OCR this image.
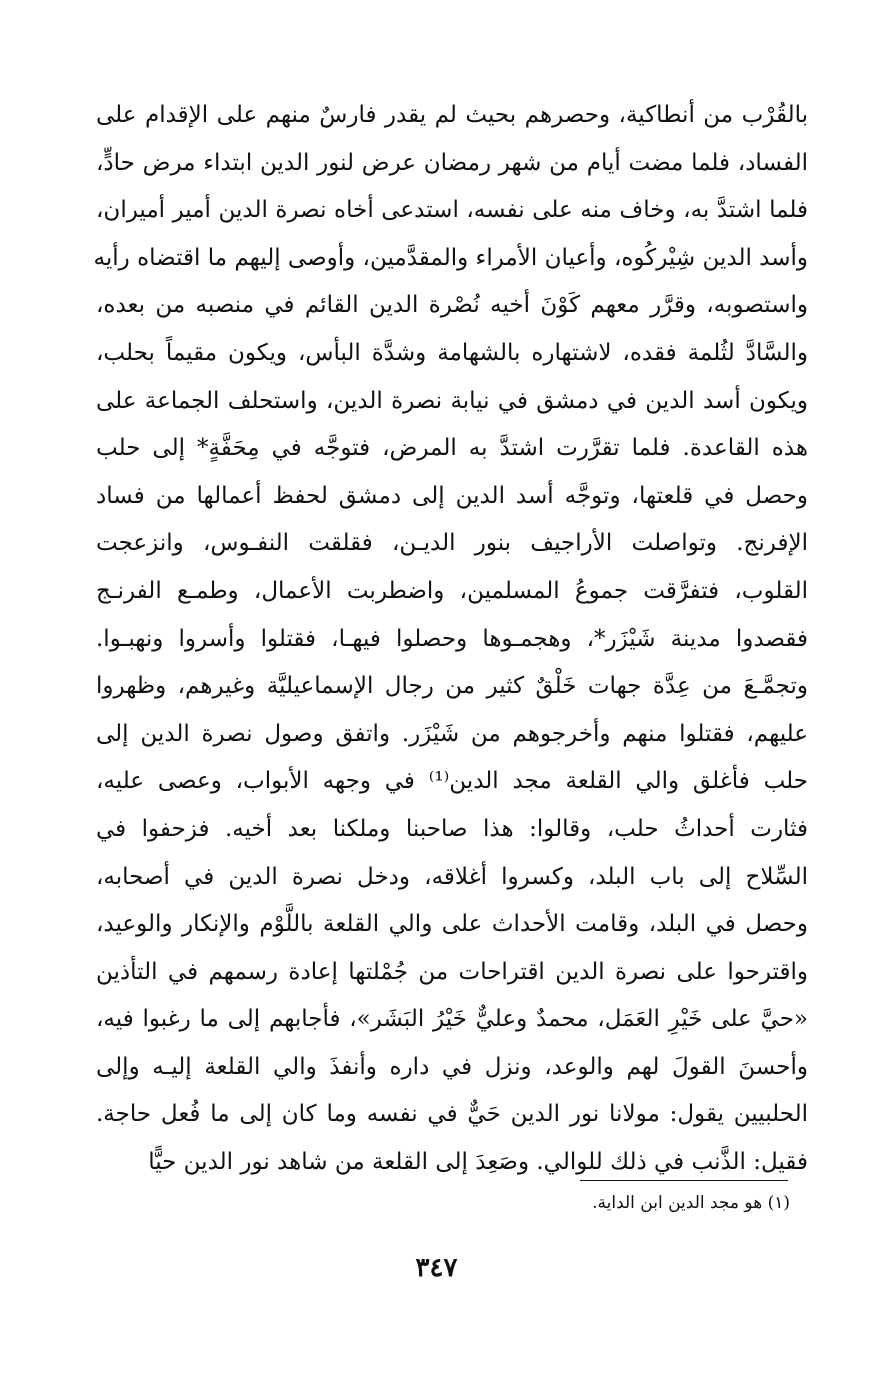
بالقُرْب من أنطاكية، وحصرهم بحيث لم يقدر فارسٌ منهم على الإقدام على
الفساد، فلما مضت أيام من شهر رمضان عرض لنور الدين ابتداء مرض حادٍّ،
فلما اشتدَّ به، وخاف منه على نفسه، استدعى أخاه نصرة الدين أمير أميران،
وأسد الدين شِيْركُوه، وأعيان الأمراء والمقدَّمين، وأوصى إليهم ما اقتضاه رأيه
واستصوبه، وقرَّر معهم كَوْنَ أخيه نُصْرة الدين القائم في منصبه من بعده،
والسَّادَّ لثُلمة فقده، لاشتهاره بالشهامة وشدَّة البأس، ويكون مقيماً بحلب،
ويكون أسد الدين في دمشق في نيابة نصرة الدين، واستحلف الجماعة على
هذه القاعدة. فلما تقرَّرت اشتدَّ به المرض، فتوجَّه في مِحَفَّةٍ* إلى حلب
وحصل في قلعتها، وتوجَّه أسد الدين إلى دمشق لحفظ أعمالها من فساد
الإفرنج. وتواصلت الأراجيف بنور الديـن، فقلقت النفـوس، وانزعجت
القلوب، فتفرَّقت جموعُ المسلمين، واضطربت الأعمال، وطمـع الفرنـج
فقصدوا مدينة شَيْزَر*، وهجمـوها وحصلوا فيهـا، فقتلوا وأسروا ونهبـوا.
وتجمَّـعَ من عِدَّة جهات خَلْقٌ كثير من رجال الإسماعيليَّة وغيرهم، وظهروا
عليهم، فقتلوا منهم وأخرجوهم من شَيْزَر. واتفق وصول نصرة الدين إلى
حلب فأغلق والي القلعة مجد الدين⁽¹⁾ في وجهه الأبواب، وعصى عليه،
فثارت أحداثُ حلب، وقالوا: هذا صاحبنا وملكنا بعد أخيه. فزحفوا في
السِّلاح إلى باب البلد، وكسروا أغلاقه، ودخل نصرة الدين في أصحابه،
وحصل في البلد، وقامت الأحداث على والي القلعة باللَّوْم والإنكار والوعيد،
واقترحوا على نصرة الدين اقتراحات من جُمْلتها إعادة رسمهم في التأذين
«حيَّ على خَيْرِ العَمَل، محمدٌ وعليٌّ خَيْرُ البَشَر»، فأجابهم إلى ما رغبوا فيه،
وأحسنَ القولَ لهم والوعد، ونزل في داره وأنفذَ والي القلعة إليـه وإلى
الحلبيين يقول: مولانا نور الدين حَيٌّ في نفسه وما كان إلى ما فُعل حاجة.
فقيل: الذَّنب في ذلك للوالي. وصَعِدَ إلى القلعة من شاهد نور الدين حيًّا
(١) هو مجد الدين ابن الداية.
٣٤٧
